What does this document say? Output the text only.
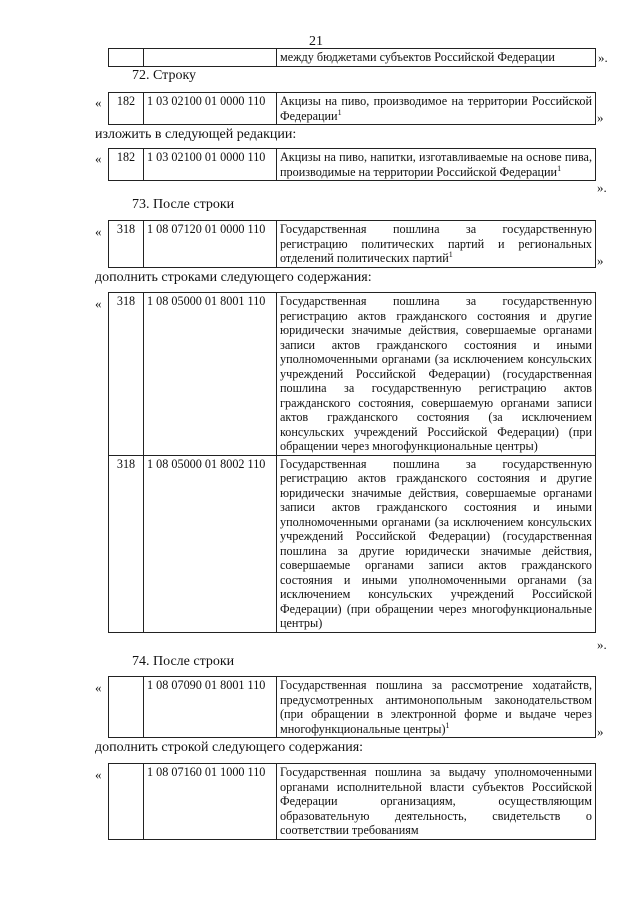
21
		между бюджетами субъектов Российской Федерации	».
72. Строку
« 182	1 03 02100 01 0000 110	Акцизы на пиво, производимое на территории Российской Федерации$^1$	»
изложить в следующей редакции:
« 182	1 03 02100 01 0000 110	Акцизы на пиво, напитки, изготавливаемые на основе пива, производимые на территории Российской Федерации$^1$
».
73. После строки
« 318	1 08 07120 01 0000 110	Государственная пошлина за государственную регистрацию политических партий и региональных отделений политических партий$^1$	»
дополнить строками следующего содержания:
« 318	1 08 05000 01 8001 110	Государственная пошлина за государственную регистрацию актов гражданского состояния и другие юридически значимые действия, совершаемые органами записи актов гражданского состояния и иными уполномоченными органами (за исключением консульских учреждений Российской Федерации) (государственная пошлина за государственную регистрацию актов гражданского состояния, совершаемую органами записи актов гражданского состояния (за исключением консульских учреждений Российской Федерации) (при обращении через многофункциональные центры)
318	1 08 05000 01 8002 110	Государственная пошлина за государственную регистрацию актов гражданского состояния и другие юридически значимые действия, совершаемые органами записи актов гражданского состояния и иными уполномоченными органами (за исключением консульских учреждений Российской Федерации) (государственная пошлина за другие юридически значимые действия, совершаемые органами записи актов гражданского состояния и иными уполномоченными органами (за исключением консульских учреждений Российской Федерации) (при обращении через многофункциональные центры)
».
74. После строки
«
		1 08 07090 01 8001 110	Государственная пошлина за рассмотрение ходатайств, предусмотренных антимонопольным законодательством (при обращении в электронной форме и выдаче через многофункциональные центры)$^1$	»
дополнить строкой следующего содержания:
«
		1 08 07160 01 1000 110	Государственная пошлина за выдачу уполномоченными органами исполнительной власти субъектов Российской Федерации организациям, осуществляющим образовательную деятельность, свидетельств о соответствии требованиям
